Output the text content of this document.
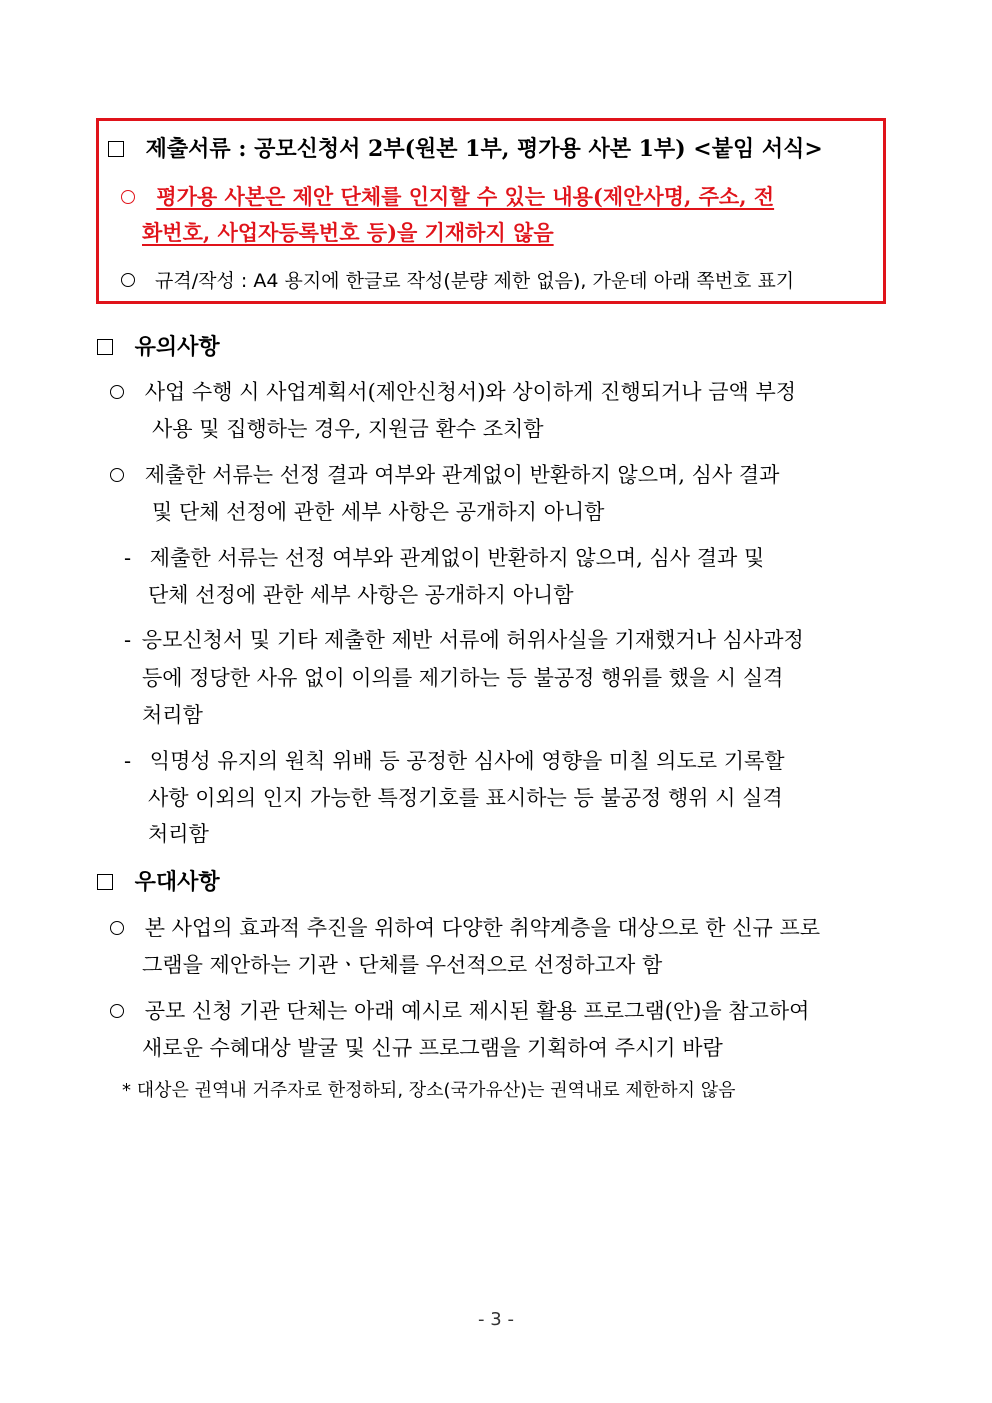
제출서류 : 공모신청서 2부(원본 1부, 평가용 사본 1부) <붙임 서식>
평가용 사본은 제안 단체를 인지할 수 있는 내용(제안사명, 주소, 전
화번호, 사업자등록번호 등)을 기재하지 않음
규격/작성 : A4 용지에 한글로 작성(분량 제한 없음), 가운데 아래 쪽번호 표기
유의사항
사업 수행 시 사업계획서(제안신청서)와 상이하게 진행되거나 금액 부정
사용 및 집행하는 경우, 지원금 환수 조치함
제출한 서류는 선정 결과 여부와 관계없이 반환하지 않으며, 심사 결과
및 단체 선정에 관한 세부 사항은 공개하지 아니함
- 제출한 서류는 선정 여부와 관계없이 반환하지 않으며, 심사 결과 및
단체 선정에 관한 세부 사항은 공개하지 아니함
- 응모신청서 및 기타 제출한 제반 서류에 허위사실을 기재했거나 심사과정
등에 정당한 사유 없이 이의를 제기하는 등 불공정 행위를 했을 시 실격
처리함
- 익명성 유지의 원칙 위배 등 공정한 심사에 영향을 미칠 의도로 기록할
사항 이외의 인지 가능한 특정기호를 표시하는 등 불공정 행위 시 실격
처리함
우대사항
본 사업의 효과적 추진을 위하여 다양한 취약계층을 대상으로 한 신규 프로
그램을 제안하는 기관ㆍ단체를 우선적으로 선정하고자 함
공모 신청 기관 단체는 아래 예시로 제시된 활용 프로그램(안)을 참고하여
새로운 수혜대상 발굴 및 신규 프로그램을 기획하여 주시기 바람
* 대상은 권역내 거주자로 한정하되, 장소(국가유산)는 권역내로 제한하지 않음
- 3 -
